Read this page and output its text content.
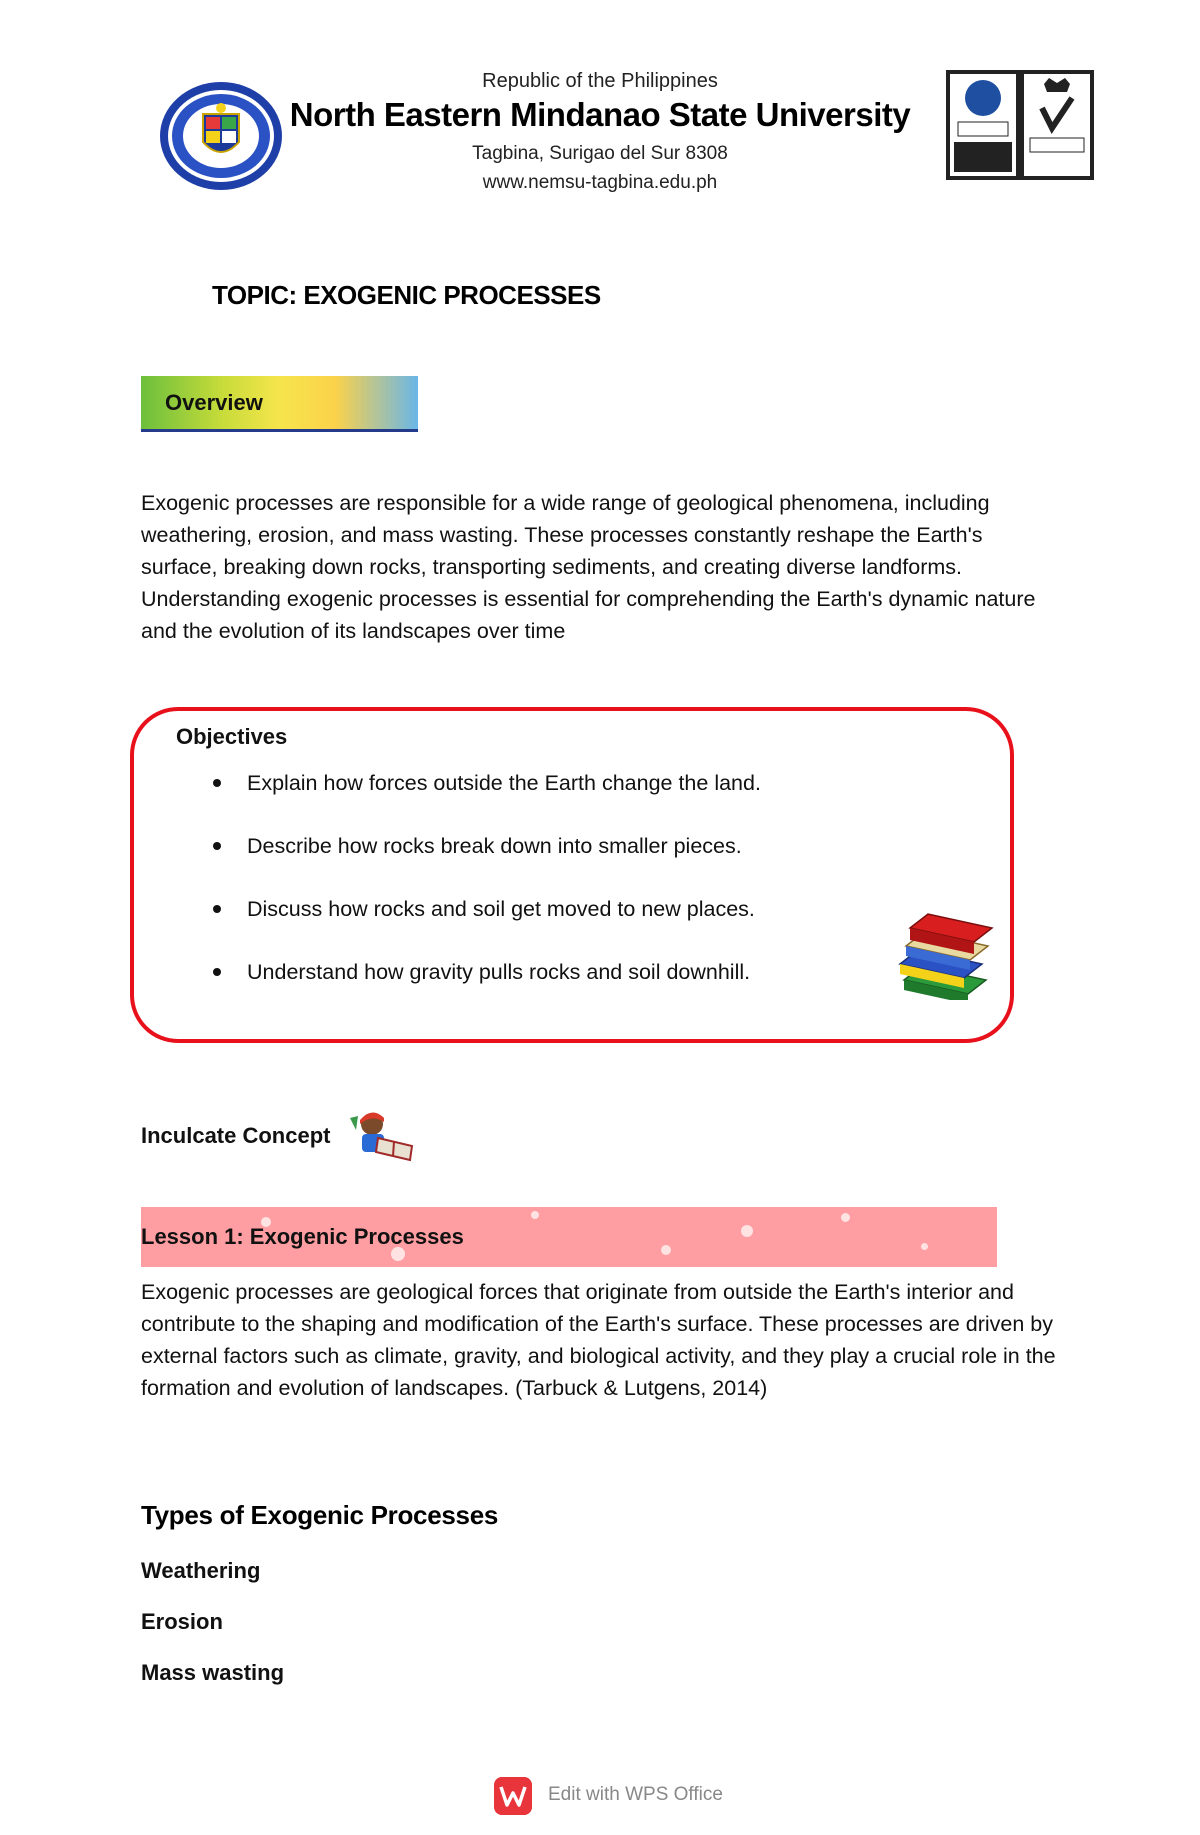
Republic of the Philippines
North Eastern Mindanao State University
Tagbina, Surigao del Sur 8308
www.nemsu-tagbina.edu.ph
TOPIC: EXOGENIC PROCESSES
Overview
Exogenic processes are responsible for a wide range of geological phenomena, including weathering, erosion, and mass wasting. These processes constantly reshape the Earth's surface, breaking down rocks, transporting sediments, and creating diverse landforms. Understanding exogenic processes is essential for comprehending the Earth's dynamic nature and the evolution of its landscapes over time
Objectives
Explain how forces outside the Earth change the land.
Describe how rocks break down into smaller pieces.
Discuss how rocks and soil get moved to new places.
Understand how gravity pulls rocks and soil downhill.
Inculcate Concept
Lesson 1: Exogenic Processes
Exogenic processes are geological forces that originate from outside the Earth's interior and contribute to the shaping and modification of the Earth's surface. These processes are driven by external factors such as climate, gravity, and biological activity, and they play a crucial role in the formation and evolution of landscapes. (Tarbuck & Lutgens, 2014)
Types of Exogenic Processes
Weathering
Erosion
Mass wasting
Edit with WPS Office
